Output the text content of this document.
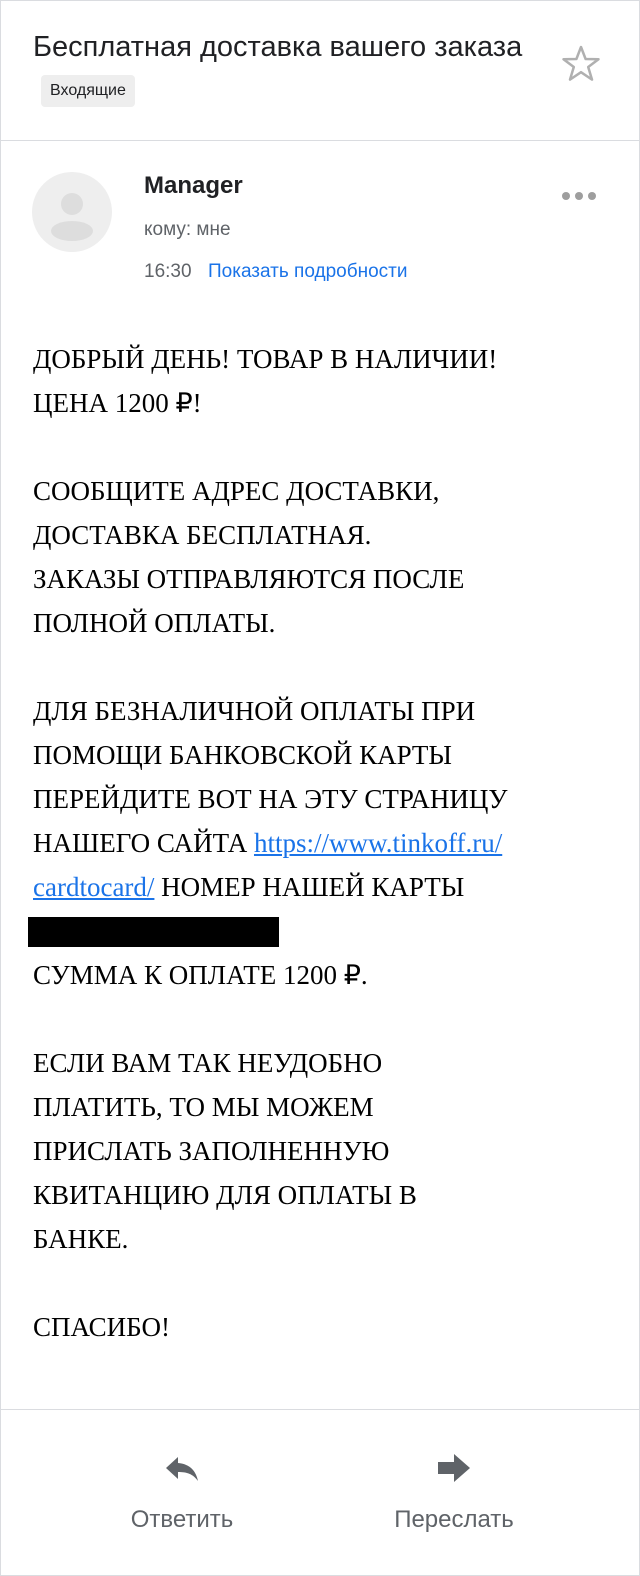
Бесплатная доставка вашего заказаВходящие
Manager
кому: мне
16:30 Показать подробности

ДОБРЫЙ ДЕНЬ! ТОВАР В НАЛИЧИИ!

ЦЕНА 1200 ₽!

СООБЩИТЕ АДРЕС ДОСТАВКИ,

ДОСТАВКА БЕСПЛАТНАЯ.

ЗАКАЗЫ ОТПРАВЛЯЮТСЯ ПОСЛЕ

ПОЛНОЙ ОПЛАТЫ.

ДЛЯ БЕЗНАЛИЧНОЙ ОПЛАТЫ ПРИ

ПОМОЩИ БАНКОВСКОЙ КАРТЫ

ПЕРЕЙДИТЕ ВОТ НА ЭТУ СТРАНИЦУ

НАШЕГО САЙТА https://www.tinkoff.ru/

cardtocard/ НОМЕР НАШЕЙ КАРТЫ

СУММА К ОПЛАТЕ 1200 ₽.

ЕСЛИ ВАМ ТАК НЕУДОБНО

ПЛАТИТЬ, ТО МЫ МОЖЕМ

ПРИСЛАТЬ ЗАПОЛНЕННУЮ

КВИТАНЦИЮ ДЛЯ ОПЛАТЫ В

БАНКЕ.

СПАСИБО!

Ответить	Переслать
